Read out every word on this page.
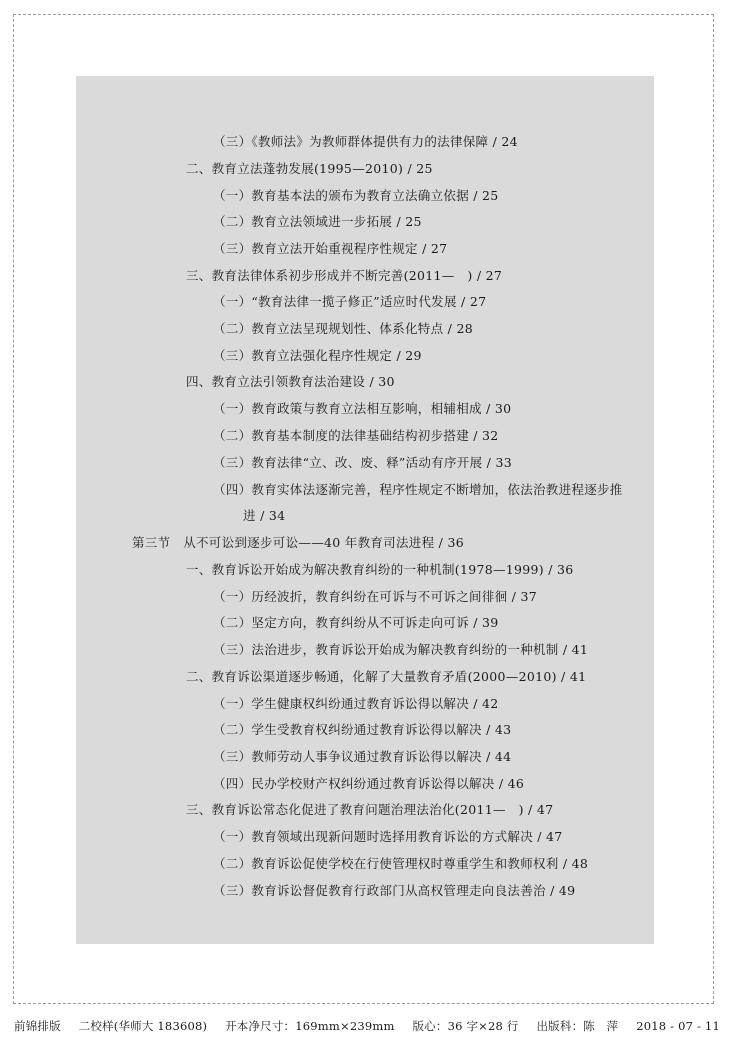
（三）《教师法》为教师群体提供有力的法律保障 / 24
二、教育立法蓬勃发展(1995—2010) / 25
（一）教育基本法的颁布为教育立法确立依据 / 25
（二）教育立法领域进一步拓展 / 25
（三）教育立法开始重视程序性规定 / 27
三、教育法律体系初步形成并不断完善(2011—　) / 27
（一）“教育法律一揽子修正”适应时代发展 / 27
（二）教育立法呈现规划性、体系化特点 / 28
（三）教育立法强化程序性规定 / 29
四、教育立法引领教育法治建设 / 30
（一）教育政策与教育立法相互影响，相辅相成 / 30
（二）教育基本制度的法律基础结构初步搭建 / 32
（三）教育法律“立、改、废、释”活动有序开展 / 33
（四）教育实体法逐渐完善，程序性规定不断增加，依法治教进程逐步推
进 / 34
第三节　从不可讼到逐步可讼——40 年教育司法进程 / 36
一、教育诉讼开始成为解决教育纠纷的一种机制(1978—1999) / 36
（一）历经波折，教育纠纷在可诉与不可诉之间徘徊 / 37
（二）坚定方向，教育纠纷从不可诉走向可诉 / 39
（三）法治进步，教育诉讼开始成为解决教育纠纷的一种机制 / 41
二、教育诉讼渠道逐步畅通，化解了大量教育矛盾(2000—2010) / 41
（一）学生健康权纠纷通过教育诉讼得以解决 / 42
（二）学生受教育权纠纷通过教育诉讼得以解决 / 43
（三）教师劳动人事争议通过教育诉讼得以解决 / 44
（四）民办学校财产权纠纷通过教育诉讼得以解决 / 46
三、教育诉讼常态化促进了教育问题治理法治化(2011—　) / 47
（一）教育领域出现新问题时选择用教育诉讼的方式解决 / 47
（二）教育诉讼促使学校在行使管理权时尊重学生和教师权利 / 48
（三）教育诉讼督促教育行政部门从高权管理走向良法善治 / 49
前锦排版 二校样(华师大 183608) 开本净尺寸：169mm×239mm 版心：36 字×28 行 出版科：陈　萍 2018 - 07 - 11
